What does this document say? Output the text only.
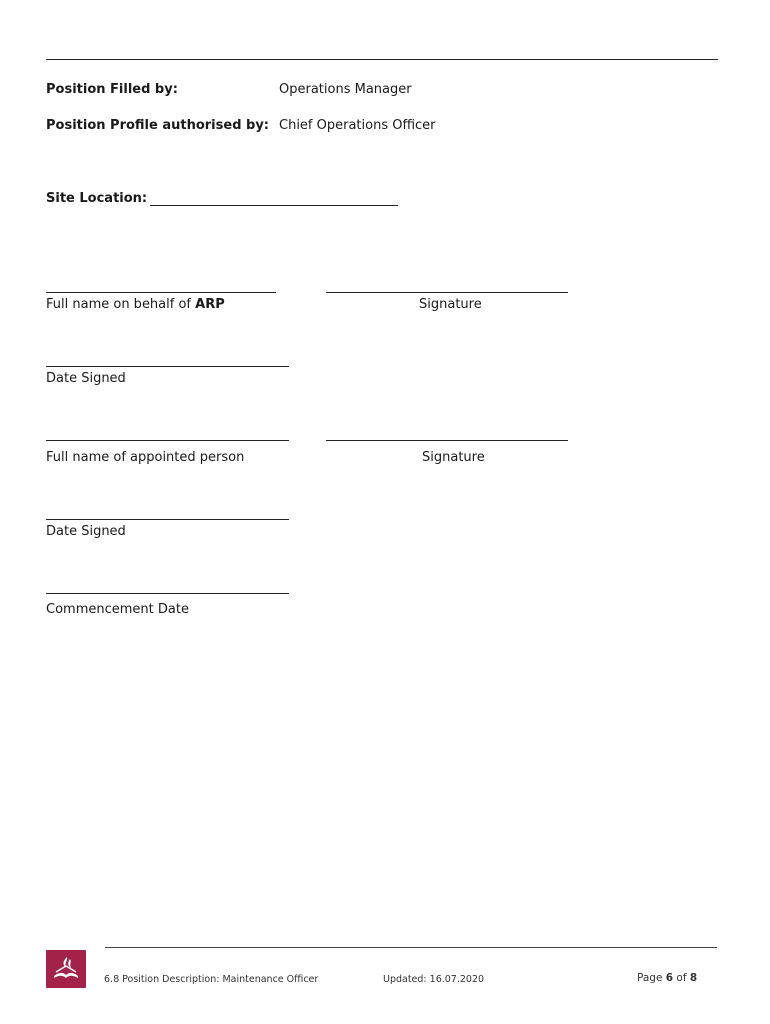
Position Filled by:	Operations Manager
Position Profile authorised by: Chief Operations Officer
Site Location:
Full name on behalf of ARP	Signature
Date Signed
Full name of appointed person	Signature
Date Signed
Commencement Date
6.8 Position Description: Maintenance Officer	Updated: 16.07.2020	Page 6 of 8
